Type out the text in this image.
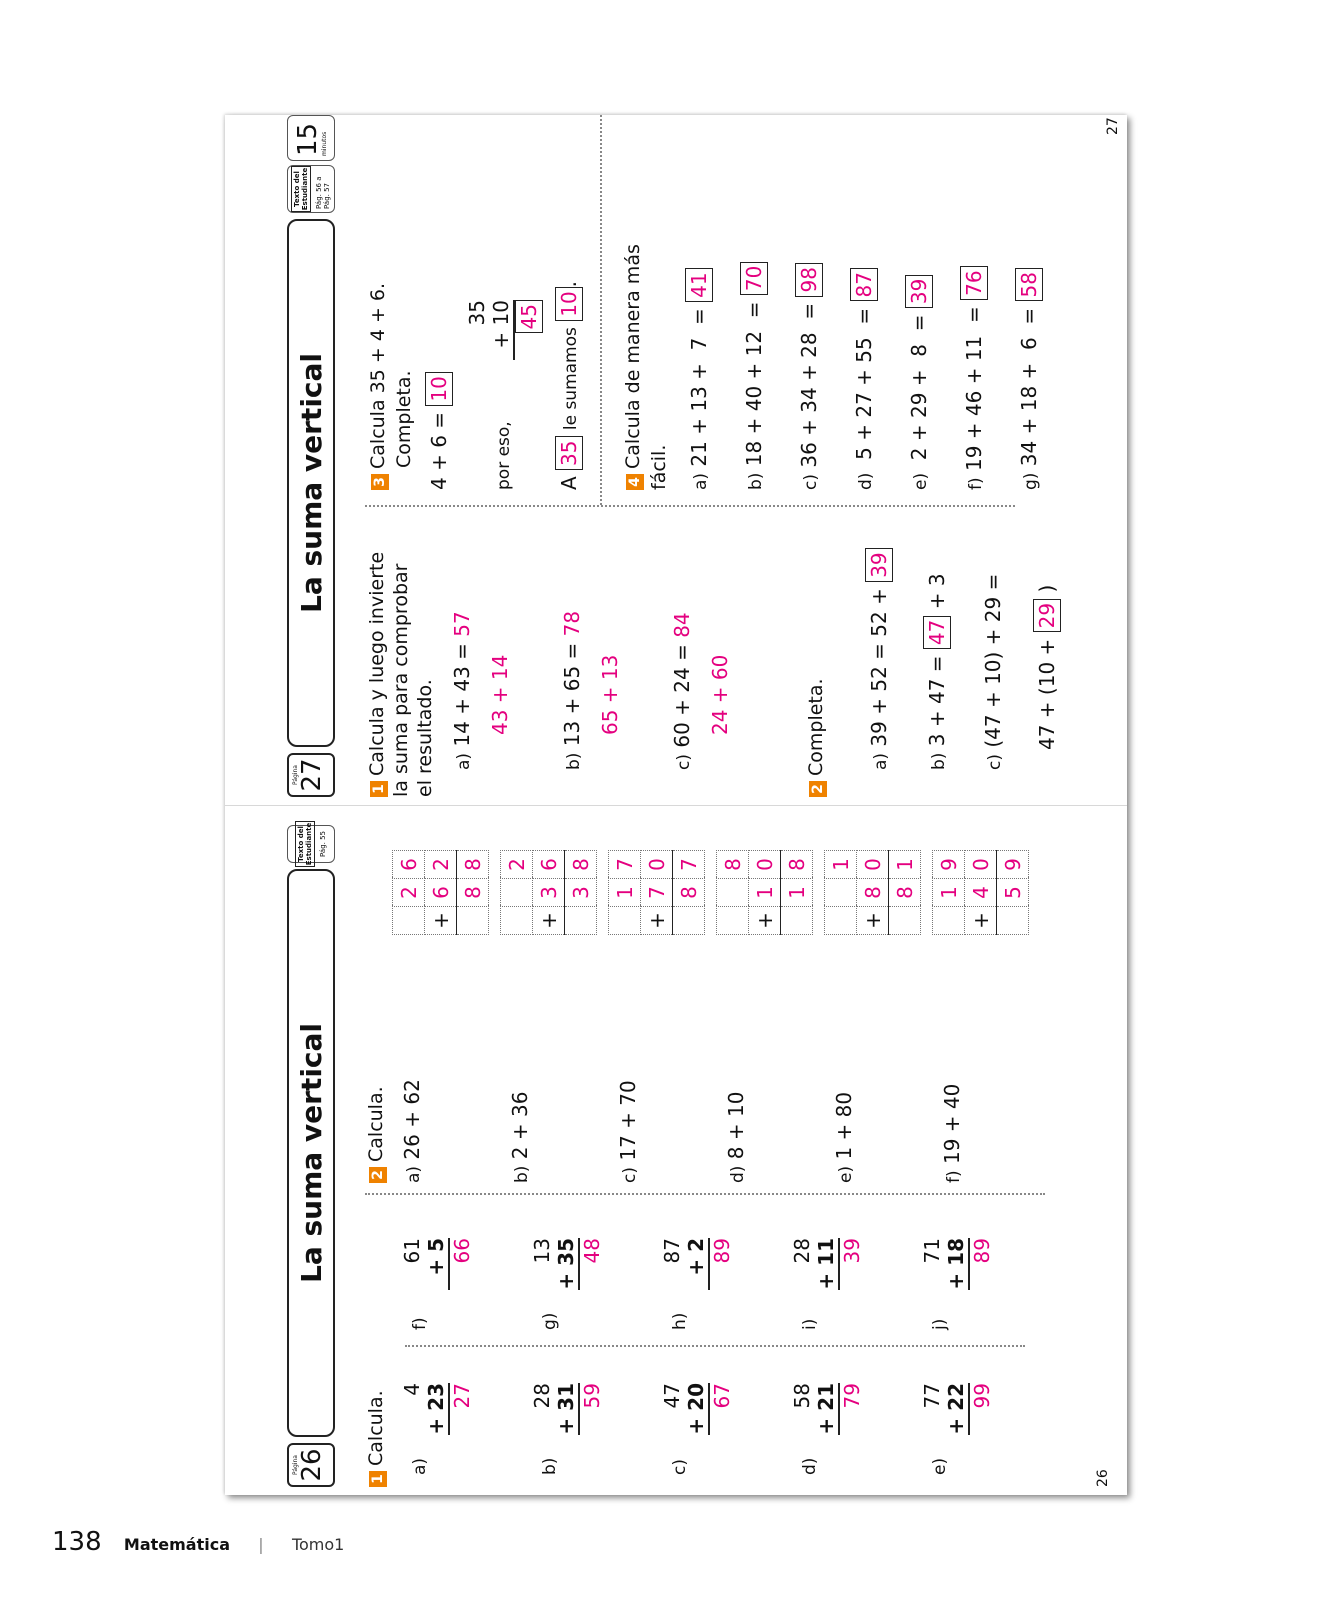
Página
27
La suma vertical
Texto del Estudiante Pág. 56 a Pág. 57
15
minutos
1Calcula y luego invierte la suma para comprobar el resultado. a) 14 + 43 = 57
43 + 14
b) 13 + 65 = 78
65 + 13
c) 60 + 24 = 84
24 + 60
2Completa.	a) 39 + 52 = 52 + 39
b) 3 + 47 = 47 + 3
c) (47 + 10) + 29 = 47 + (10 + 29 )
3Calcula 35 + 4 + 6. Completa. 4 + 6 = 10
por eso,
35 + 10 45
A 35 le sumamos 10.
4Calcula de manera más fácil.	a) 21 + 13 +  7  = 41
b) 18 + 40 + 12  = 70
c) 36 + 34 + 28  = 98
d)  5 + 27 + 55  = 87
e)  2 + 29 +  8  = 39
f) 19 + 46 + 11  = 76
g) 34 + 18 +  6  = 58
27
Página
26
La suma vertical
Texto del Estudiante Pág. 55
1Calcula.
a)
4 + 23 27
b)
28 + 31 59
c)
47 + 20 67
d)
58 + 21 79
e)
77 + 22 99
f)
61 + 5 66
g)
13 + 35 48
h)
87 + 2 89
i)
28 + 11 39
j)
71 + 18 89
2Calcula.
a) 26 + 62
	2	6
+	6	2
	8	8
b) 2 + 36
		2
+	3	6
	3	8
c) 17 + 70
	1	7
+	7	0
	8	7
d) 8 + 10
		8
+	1	0
	1	8
e) 1 + 80
		1
+	8	0
	8	1
f) 19 + 40
	1	9
+	4	0
	5	9
26
138 Matemática | Tomo1
